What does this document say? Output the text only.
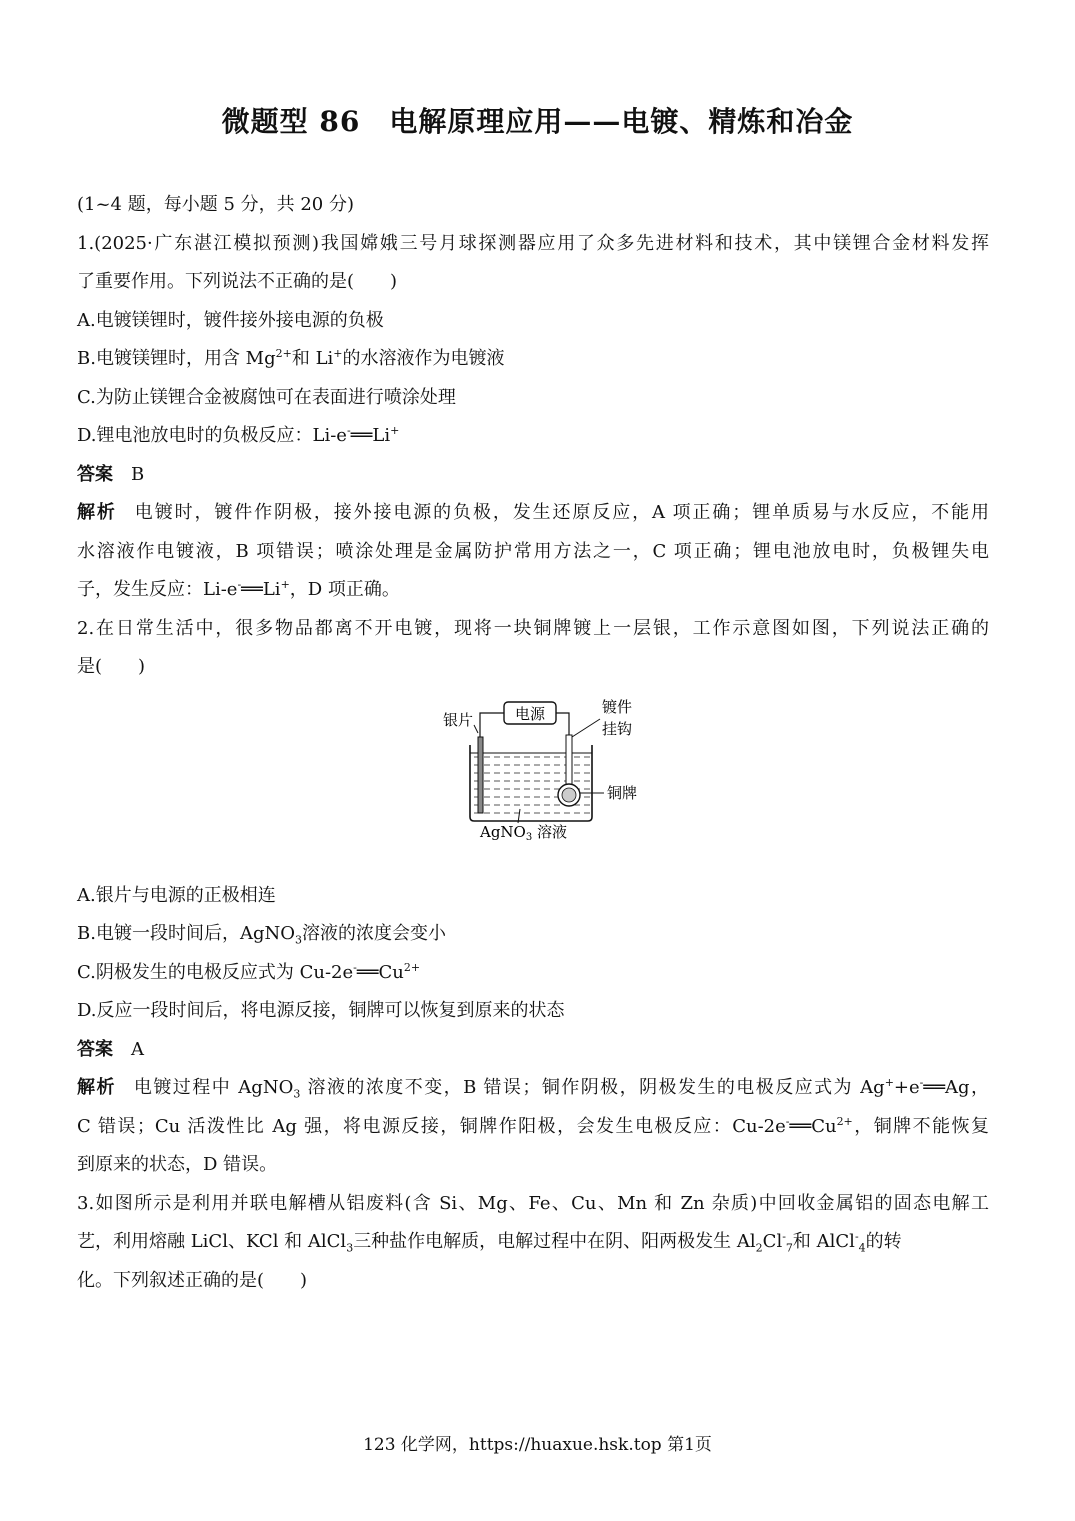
微题型 86　电解原理应用——电镀、精炼和冶金
(1~4 题，每小题 5 分，共 20 分)
1.(2025·广东湛江模拟预测)我国嫦娥三号月球探测器应用了众多先进材料和技术，其中镁锂合金材料发挥
了重要作用。下列说法不正确的是(　　)
A.电镀镁锂时，镀件接外接电源的负极
B.电镀镁锂时，用含 $Mg^{2+}$和 Li+的水溶液作为电镀液
C.为防止镁锂合金被腐蚀可在表面进行喷涂处理
D.锂电池放电时的负极反应：Li-e-══Li+
答案 B
解析 电镀时，镀件作阴极，接外接电源的负极，发生还原反应，A 项正确；锂单质易与水反应，不能用
水溶液作电镀液，B 项错误；喷涂处理是金属防护常用方法之一，C 项正确；锂电池放电时，负极锂失电
子，发生反应：Li-e-══Li+，D 项正确。
2.在日常生活中，很多物品都离不开电镀，现将一块铜牌镀上一层银，工作示意图如图，下列说法正确的
是(　　)
电源
银片
镀件
挂钩
铜牌
AgNO$_3$ 溶液
A.银片与电源的正极相连
B.电镀一段时间后，AgNO$_3$溶液的浓度会变小
C.阴极发生的电极反应式为 $Cu-2e^-══Cu^{2+}$
D.反应一段时间后，将电源反接，铜牌可以恢复到原来的状态
答案 A
解析 电镀过程中 AgNO$_3$ 溶液的浓度不变，B 错误；铜作阴极，阴极发生的电极反应式为 Ag++e-══Ag，
C 错误；Cu 活泼性比 Ag 强，将电源反接，铜牌作阳极，会发生电极反应：$Cu-2e^-══Cu^{2+}$，铜牌不能恢复
到原来的状态，D 错误。
3.如图所示是利用并联电解槽从铝废料(含 Si、Mg、Fe、Cu、Mn 和 Zn 杂质)中回收金属铝的固态电解工
艺，利用熔融 LiCl、KCl 和 AlCl$_3$三种盐作电解质，电解过程中在阴、阳两极发生 $Al_2Cl^-_7$和 AlCl-$_4$的转
化。下列叙述正确的是(　　)
123 化学网，https://huaxue.hsk.top 第1页
